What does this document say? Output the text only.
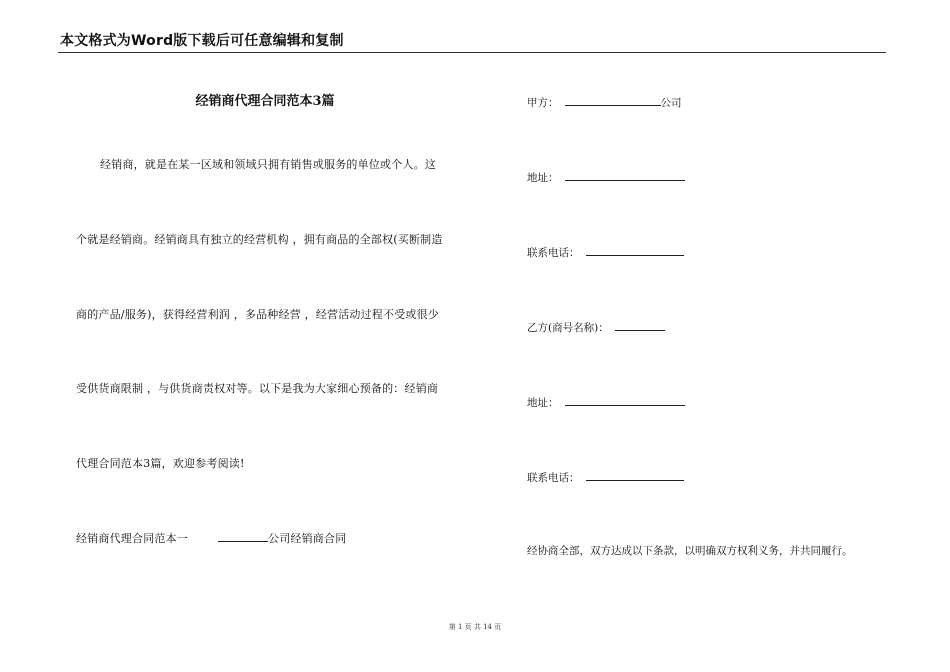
本文格式为Word版下载后可任意编辑和复制
经销商代理合同范本3篇
经销商，就是在某一区域和领域只拥有销售或服务的单位或个人。这
个就是经销商。经销商具有独立的经营机构 ，拥有商品的全部权(买断制造
商的产品/服务)，获得经营利润 ，多品种经营 ，经营活动过程不受或很少
受供货商限制 ，与供货商责权对等。以下是我为大家细心预备的：经销商
代理合同范本3篇，欢迎参考阅读!
经销商代理合同范本一	公司经销商合同
甲方：	公司
地址：
联系电话：
乙方(商号名称)：
地址：
联系电话：
经协商全部，双方达成以下条款，以明确双方权利义务，并共同履行。
第 1 页 共 14 页
